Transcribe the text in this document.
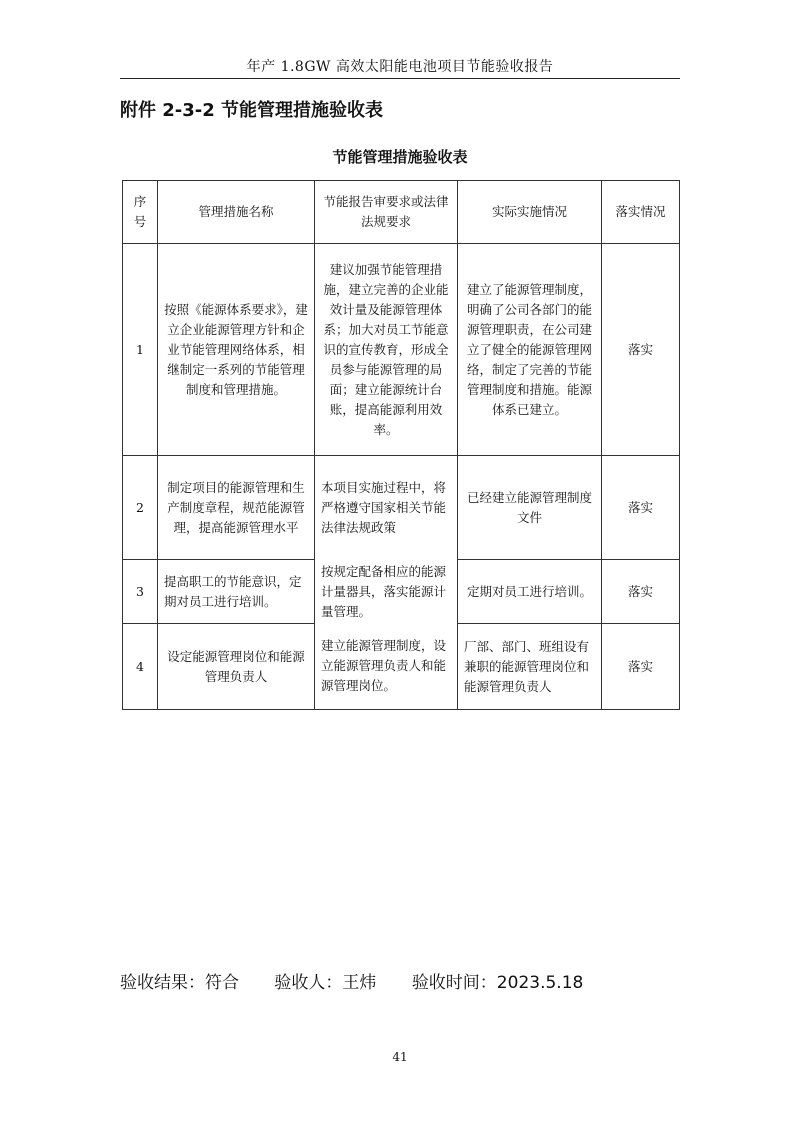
年产 1.8GW 高效太阳能电池项目节能验收报告
附件 2-3-2 节能管理措施验收表
节能管理措施验收表
序号	管理措施名称	节能报告审要求或法律法规要求	实际实施情况	落实情况
1	按照《能源体系要求》，建立企业能源管理方针和企业节能管理网络体系，相继制定一系列的节能管理制度和管理措施。	建议加强节能管理措施，建立完善的企业能效计量及能源管理体系；加大对员工节能意识的宣传教育，形成全员参与能源管理的局面；建立能源统计台账，提高能源利用效率。	建立了能源管理制度，明确了公司各部门的能源管理职责，在公司建立了健全的能源管理网络，制定了完善的节能管理制度和措施。能源体系已建立。	落实
2	制定项目的能源管理和生产制度章程，规范能源管理，提高能源管理水平	本项目实施过程中，将严格遵守国家相关节能法律法规政策	已经建立能源管理制度文件	落实
3	提高职工的节能意识，定期对员工进行培训。	按规定配备相应的能源计量器具，落实能源计量管理。	定期对员工进行培训。	落实
4	设定能源管理岗位和能源管理负责人	建立能源管理制度，设立能源管理负责人和能源管理岗位。	厂部、部门、班组设有兼职的能源管理岗位和能源管理负责人	落实
验收结果：符合 验收人：王炜 验收时间：2023.5.18
41
